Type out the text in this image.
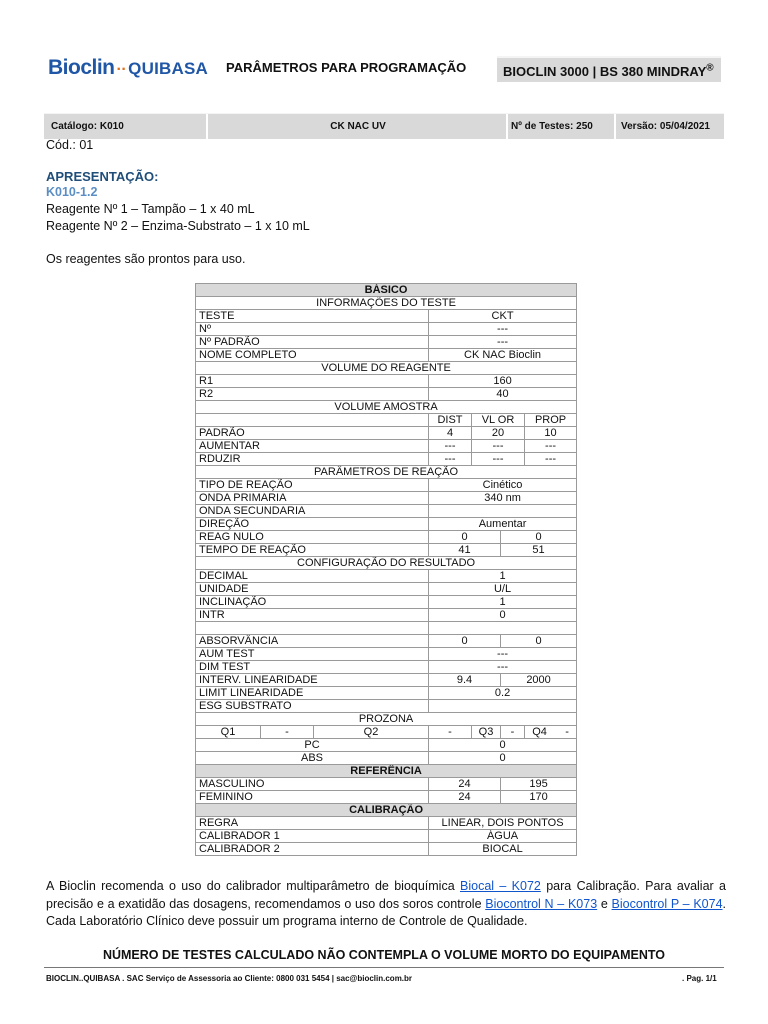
Bioclin ·· QUIBASA PARÂMETROS PARA PROGRAMAÇÃO	BIOCLIN 3000 | BS 380 MINDRAY®
Catálogo: K010	CK NAC UV	Nº de Testes: 250	Versão: 05/04/2021
Cód.: 01
APRESENTAÇÃO:
K010-1.2
Reagente Nº 1 – Tampão – 1 x 40 mL
Reagente Nº 2 – Enzima-Substrato – 1 x 10 mL
Os reagentes são prontos para uso.
BÁSICO						
INFORMAÇÕES DO TESTE						
TESTE			CKT			
Nº			---			
Nº PADRÃO			---			
NOME COMPLETO			CK NAC Bioclin			
VOLUME DO REAGENTE						
R1			160			
R2			40			
VOLUME AMOSTRA						
			DIST	VL OR		PROP
PADRÃO			4	20		10
AUMENTAR			---	---		---
RDUZIR			---	---		---
PARÂMETROS DE REAÇÃO						
TIPO DE REAÇÃO			Cinético			
ONDA PRIMARIA			340 nm			
ONDA SECUNDARIA						
DIREÇÃO			Aumentar			
REAG NULO			0		0	
TEMPO DE REAÇÃO			41		51	
CONFIGURAÇÃO DO RESULTADO						
DECIMAL			1			
UNIDADE			U/L			
INCLINAÇÃO			1			
INTR			0			

ABSORVÂNCIA			0		0	
AUM TEST			---			
DIM TEST			---			
INTERV. LINEARIDADE			9.4		2000	
LIMIT LINEARIDADE			0.2			
ESG SUBSTRATO						
PROZONA						
Q1	-	Q2	-	Q3	-	Q4 -
PC			0			
ABS			0			
REFERÊNCIA						
MASCULINO			24		195	
FEMININO			24		170	
CALIBRAÇÃO						
REGRA			LINEAR, DOIS PONTOS			
CALIBRADOR 1			ÁGUA			
CALIBRADOR 2			BIOCAL			
A Bioclin recomenda o uso do calibrador multiparâmetro de bioquímica Biocal – K072 para Calibração. Para avaliar a precisão e a exatidão das dosagens, recomendamos o uso dos soros controle Biocontrol N – K073 e Biocontrol P – K074. Cada Laboratório Clínico deve possuir um programa interno de Controle de Qualidade.
NÚMERO DE TESTES CALCULADO NÃO CONTEMPLA O VOLUME MORTO DO EQUIPAMENTO
BIOCLIN..QUIBASA . SAC Serviço de Assessoria ao Cliente: 0800 031 5454 | sac@bioclin.com.br	. Pag. 1/1
